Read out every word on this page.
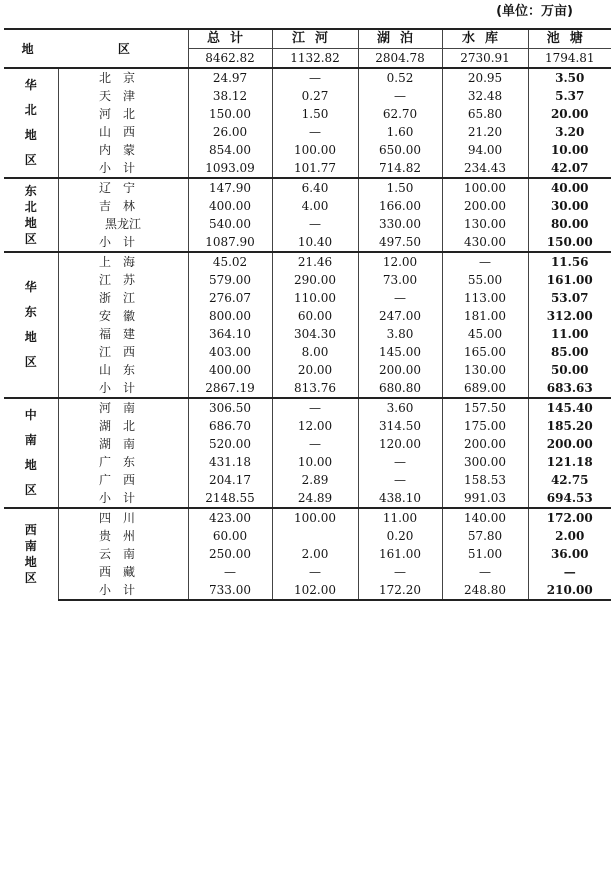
(单位：万亩)
地 区		总计	江河	湖泊	水库	池塘
		8462.82	1132.82	2804.78	2730.91	1794.81
华
北
地
区	北京	24.97	—	0.52	20.95	3.50
	天津	38.12	0.27	—	32.48	5.37
	河北	150.00	1.50	62.70	65.80	20.00
	山西	26.00	—	1.60	21.20	3.20
	内蒙	854.00	100.00	650.00	94.00	10.00
	小计	1093.09	101.77	714.82	234.43	42.07
东
北
地
区	辽宁	147.90	6.40	1.50	100.00	40.00
	吉林	400.00	4.00	166.00	200.00	30.00
	黑龙江	540.00	—	330.00	130.00	80.00
	小计	1087.90	10.40	497.50	430.00	150.00
华
东
地
区	上海	45.02	21.46	12.00	—	11.56
	江苏	579.00	290.00	73.00	55.00	161.00
	浙江	276.07	110.00	—	113.00	53.07
	安徽	800.00	60.00	247.00	181.00	312.00
	福建	364.10	304.30	3.80	45.00	11.00
	江西	403.00	8.00	145.00	165.00	85.00
	山东	400.00	20.00	200.00	130.00	50.00
	小计	2867.19	813.76	680.80	689.00	683.63
中
南
地
区	河南	306.50	—	3.60	157.50	145.40
	湖北	686.70	12.00	314.50	175.00	185.20
	湖南	520.00	—	120.00	200.00	200.00
	广东	431.18	10.00	—	300.00	121.18
	广西	204.17	2.89	—	158.53	42.75
	小计	2148.55	24.89	438.10	991.03	694.53
西
南
地
区	四川	423.00	100.00	11.00	140.00	172.00
	贵州	60.00		0.20	57.80	2.00
	云南	250.00	2.00	161.00	51.00	36.00
	西藏	—	—	—	—	—
	小计	733.00	102.00	172.20	248.80	210.00
